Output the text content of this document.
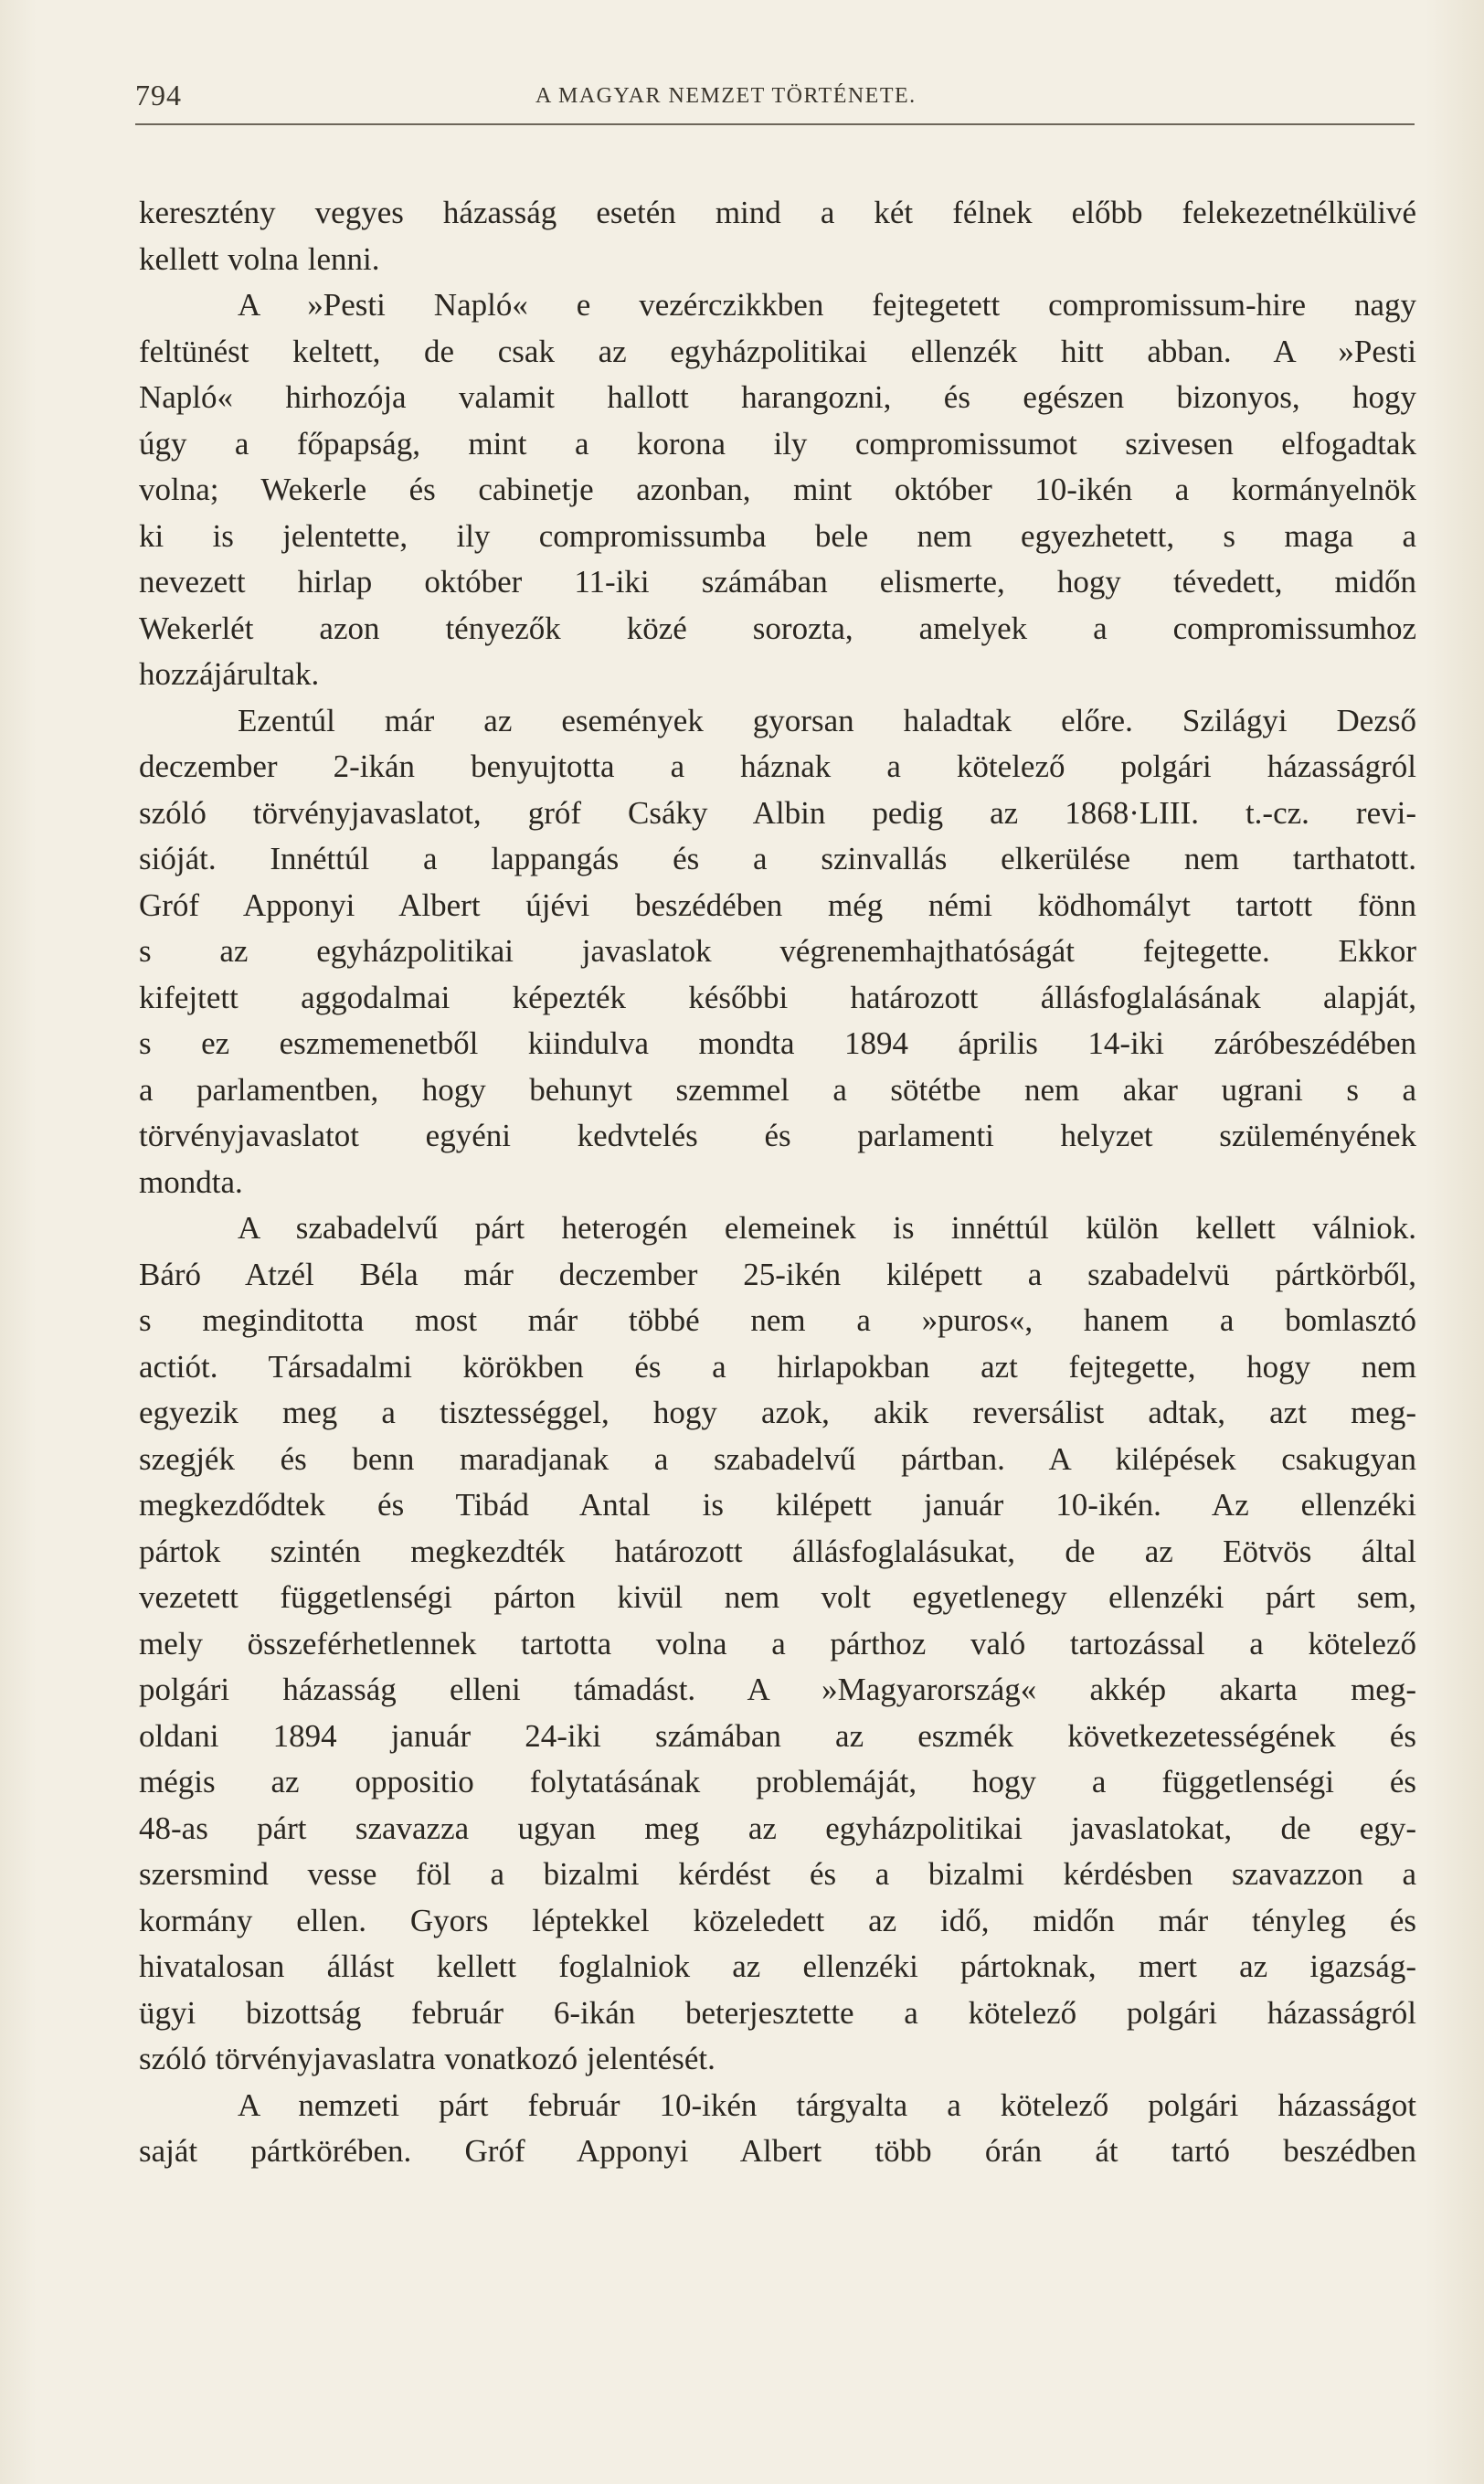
794	A MAGYAR NEMZET TÖRTÉNETE.
keresztény vegyes házasság esetén mind a két félnek előbb felekezetnélkülivé
kellett volna lenni.
A »Pesti Napló« e vezérczikkben fejtegetett compromissum-hire nagy
feltünést keltett, de csak az egyházpolitikai ellenzék hitt abban. A »Pesti
Napló« hirhozója valamit hallott harangozni, és egészen bizonyos, hogy
úgy a főpapság, mint a korona ily compromissumot szivesen elfogadtak
volna; Wekerle és cabinetje azonban, mint október 10-ikén a kormányelnök
ki is jelentette, ily compromissumba bele nem egyezhetett, s maga a
nevezett hirlap október 11-iki számában elismerte, hogy tévedett, midőn
Wekerlét azon tényezők közé sorozta, amelyek a compromissumhoz
hozzájárultak.
Ezentúl már az események gyorsan haladtak előre. Szilágyi Dezső
deczember 2-ikán benyujtotta a háznak a kötelező polgári házasságról
szóló törvényjavaslatot, gróf Csáky Albin pedig az 1868·LIII. t.-cz. revi-
sióját. Innéttúl a lappangás és a szinvallás elkerülése nem tarthatott.
Gróf Apponyi Albert újévi beszédében még némi ködhomályt tartott fönn
s az egyházpolitikai javaslatok végrenemhajthatóságát fejtegette. Ekkor
kifejtett aggodalmai képezték későbbi határozott állásfoglalásának alapját,
s ez eszmemenetből kiindulva mondta 1894 április 14-iki záróbeszédében
a parlamentben, hogy behunyt szemmel a sötétbe nem akar ugrani s a
törvényjavaslatot egyéni kedvtelés és parlamenti helyzet szüleményének
mondta.
A szabadelvű párt heterogén elemeinek is innéttúl külön kellett válniok.
Báró Atzél Béla már deczember 25-ikén kilépett a szabadelvü pártkörből,
s meginditotta most már többé nem a »puros«, hanem a bomlasztó
actiót. Társadalmi körökben és a hirlapokban azt fejtegette, hogy nem
egyezik meg a tisztességgel, hogy azok, akik reversálist adtak, azt meg-
szegjék és benn maradjanak a szabadelvű pártban. A kilépések csakugyan
megkezdődtek és Tibád Antal is kilépett január 10-ikén. Az ellenzéki
pártok szintén megkezdték határozott állásfoglalásukat, de az Eötvös által
vezetett függetlenségi párton kivül nem volt egyetlenegy ellenzéki párt sem,
mely összeférhetlennek tartotta volna a párthoz való tartozással a kötelező
polgári házasság elleni támadást. A »Magyarország« akkép akarta meg-
oldani 1894 január 24-iki számában az eszmék következetességének és
mégis az oppositio folytatásának problemáját, hogy a függetlenségi és
48-as párt szavazza ugyan meg az egyházpolitikai javaslatokat, de egy-
szersmind vesse föl a bizalmi kérdést és a bizalmi kérdésben szavazzon a
kormány ellen. Gyors léptekkel közeledett az idő, midőn már tényleg és
hivatalosan állást kellett foglalniok az ellenzéki pártoknak, mert az igazság-
ügyi bizottság február 6-ikán beterjesztette a kötelező polgári házasságról
szóló törvényjavaslatra vonatkozó jelentését.
A nemzeti párt február 10-ikén tárgyalta a kötelező polgári házasságot
saját pártkörében. Gróf Apponyi Albert több órán át tartó beszédben
